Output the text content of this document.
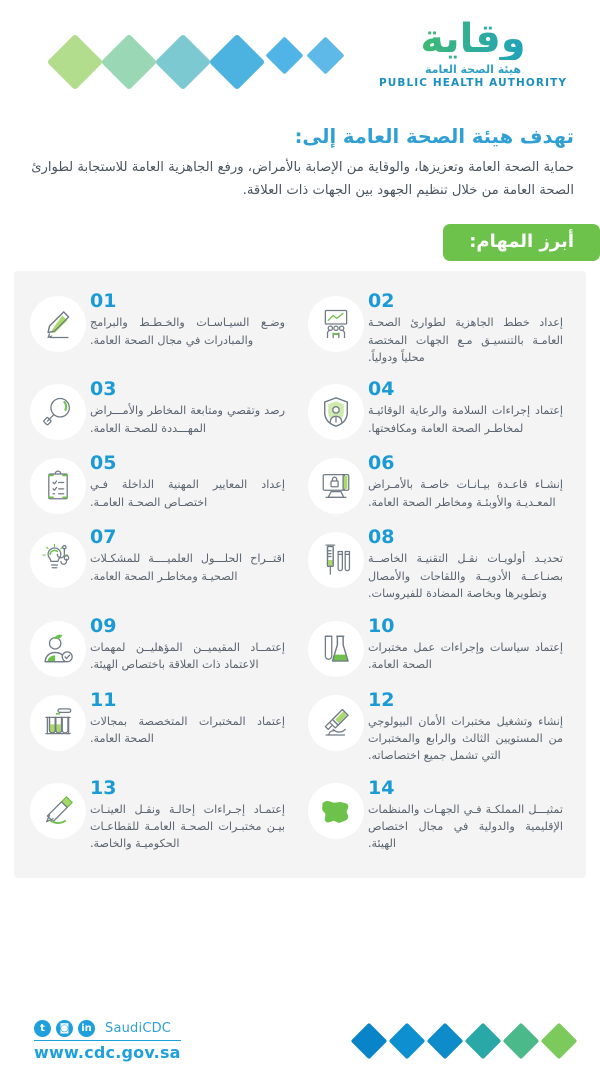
وقاية
هيئة الصحة العامة
PUBLIC HEALTH AUTHORITY
تهدف هيئة الصحة العامة إلى:
حماية الصحة العامة وتعزيزها، والوقاية من الإصابة بالأمراض، ورفع الجاهزية العامة للاستجابة لطوارئ الصحة العامة من خلال تنظيم الجهود بين الجهات ذات العلاقة.
أبرز المهام:
02
إعداد خطط الجاهزية لطوارئ الصحـة العامـة بالتنسيـق مـع الجهات المختصة محلياً ودولياً.
01
وضـع السيـاسـات والخـطـط والبرامج والمبادرات في مجال الصحة العامة.
04
إعتماد إجراءات السلامة والرعاية الوقائيـة لمخاطـر الصحة العامة ومكافحتها.
03
رصد وتقصي ومتابعة المخاطر والأمـــراض المهـــددة للصحـة العامة.
06
إنشـاء قاعـدة بيـانـات خاصـة بالأمـراض المعـديـة والأوبئـة ومخاطر الصحة العامة.
05
إعداد المعايير المهنية الداخلة فـي اختصـاص الصحـة العامـة.
08
تحديـد أولويـات نقـل التقنيـة الخاصــة بصنـاعــة الأدويــة واللقاحات والأمصال وتطويرها وبخاصة المضادة للفيروسات.
07
اقتــراح الحلـــول العلميــــة للمشكـلات الصحيـة ومخاطـر الصحة العامة.
10
إعتماد سياسات وإجراءات عمل مختبرات الصحة العامة.
09
إعتمــاد المقيميــن المؤهليــن لمهمات الاعتماد ذات العلاقة باختصاص الهيئة.
12
إنشاء وتشغيل مختبرات الأمان البيولوجي من المستويين الثالث والرابع والمختبرات التي تشمل جميع اختصاصاته.
11
إعتماد المختبرات المتخصصة بمجالات الصحة العامة.
14
تمثيـــل المملكـة فـي الجهـات والمنظمات الإقليمية والدولية في مجال اختصاص الهيئة.
13
إعتمـاد إجـراءات إحالـة ونقـل العينـات بيـن مختبـرات الصحـة العامـة للقطاعـات الحكوميـة والخاصة.
t	◙	in SaudiCDC
www.cdc.gov.sa
